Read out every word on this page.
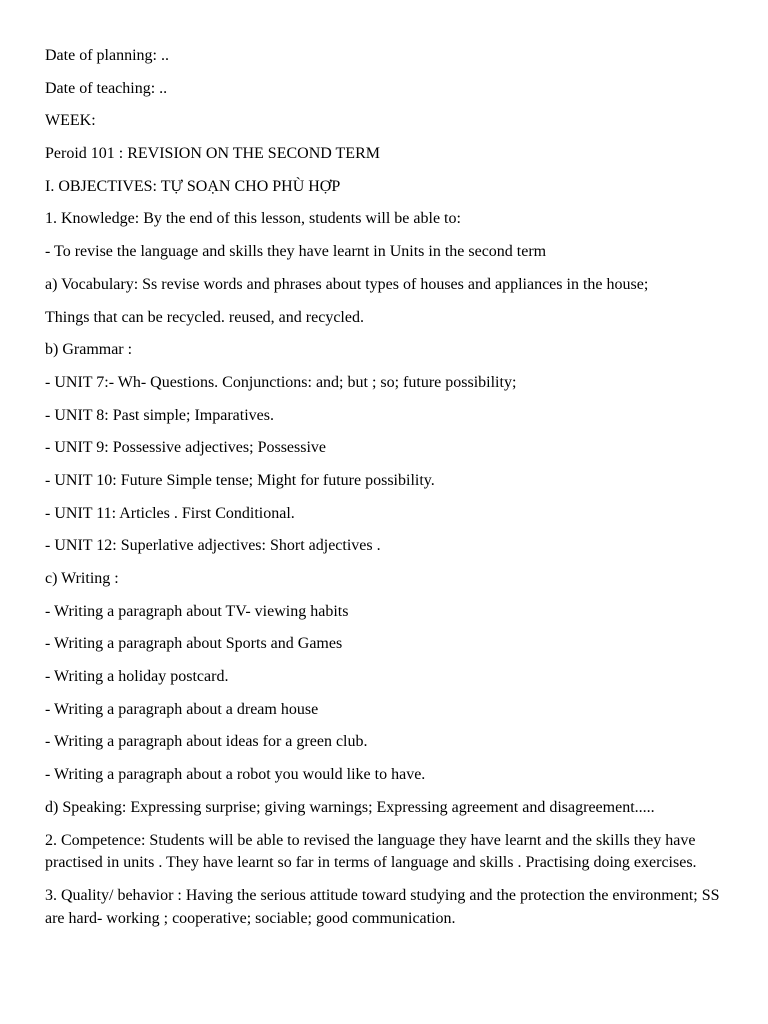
Date of planning: ..
Date of teaching: ..
WEEK:
Peroid 101 : REVISION ON THE SECOND TERM
I. OBJECTIVES: TỰ SOẠN CHO PHÙ HỢP
1. Knowledge: By the end of this lesson, students will be able to:
- To revise the language and skills they have learnt in Units in the second term
a) Vocabulary: Ss revise words and phrases about types of houses and appliances in the house;
Things that can be recycled. reused, and recycled.
b) Grammar :
- UNIT 7:- Wh- Questions. Conjunctions: and; but ; so; future possibility;
- UNIT 8: Past simple; Imparatives.
- UNIT 9: Possessive adjectives; Possessive
- UNIT 10: Future Simple tense; Might for future possibility.
- UNIT 11: Articles . First Conditional.
- UNIT 12: Superlative adjectives: Short adjectives .
c) Writing :
- Writing a paragraph about TV- viewing habits
- Writing a paragraph about Sports and Games
- Writing a holiday postcard.
- Writing a paragraph about a dream house
- Writing a paragraph about ideas for a green club.
- Writing a paragraph about a robot you would like to have.
d) Speaking: Expressing surprise; giving warnings; Expressing agreement and disagreement.....
2. Competence: Students will be able to revised the language they have learnt and the skills they have practised in units . They have learnt so far in terms of language and skills . Practising doing exercises.
3. Quality/ behavior : Having the serious attitude toward studying and the protection the environment; SS are hard- working ; cooperative; sociable; good communication.
